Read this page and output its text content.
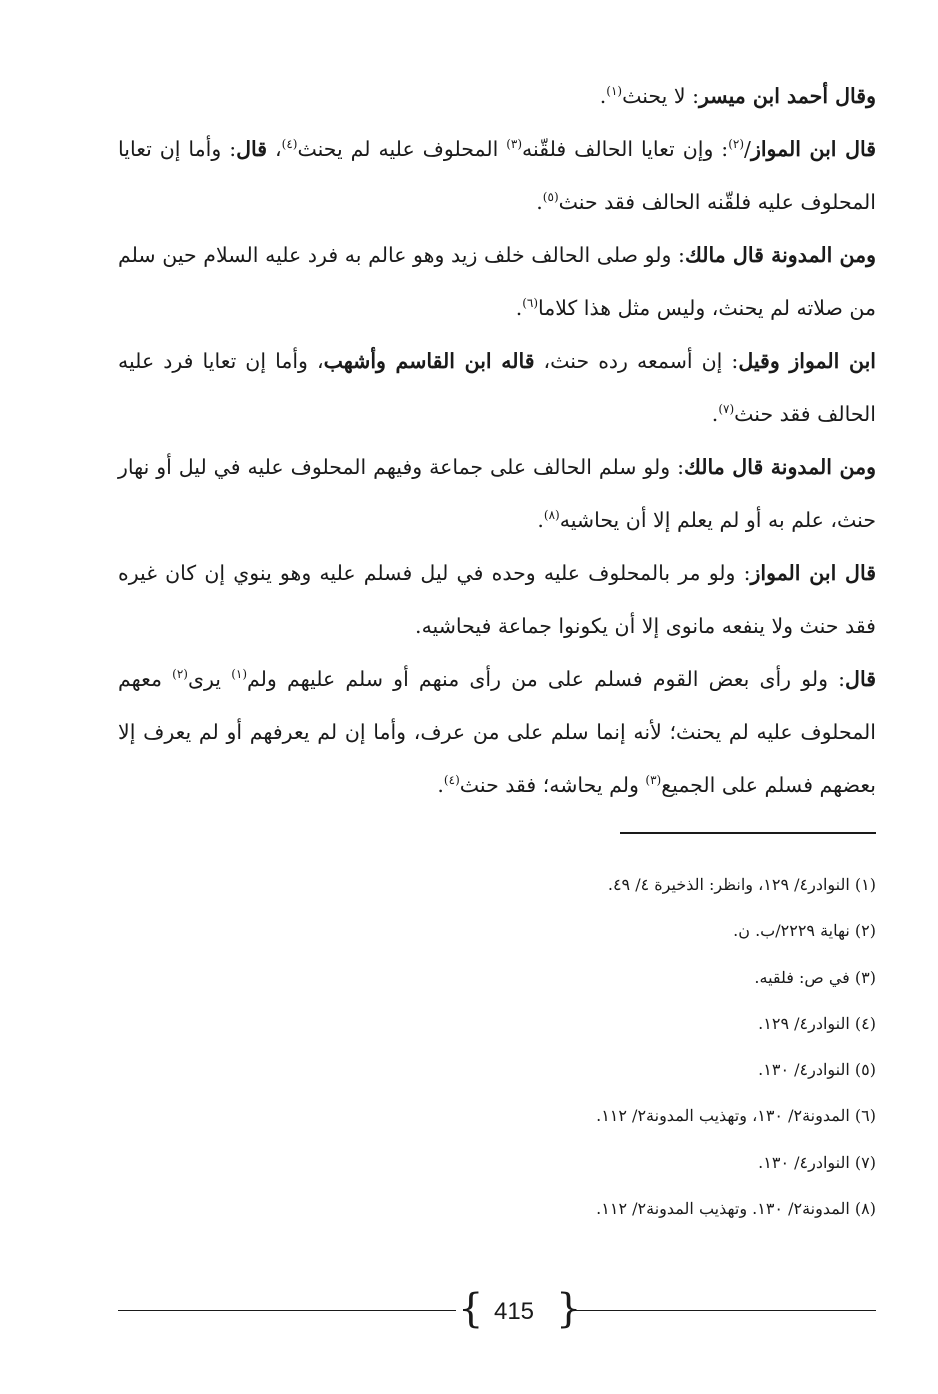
وقال أحمد ابن ميسر: لا يحنث$^{(١)}$.

قال ابن المواز/$^{(٢)}$: وإن تعايا الحالف فلقّنه$^{(٣)}$ المحلوف عليه لم يحنث$^{(٤)}$، قال: وأما إن تعايا المحلوف عليه فلقّنه الحالف فقد حنث$^{(٥)}$.

ومن المدونة قال مالك: ولو صلى الحالف خلف زيد وهو عالم به فرد عليه السلام حين سلم من صلاته لم يحنث، وليس مثل هذا كلاما$^{(٦)}$.

ابن المواز وقيل: إن أسمعه رده حنث، قاله ابن القاسم وأشهب، وأما إن تعايا فرد عليه الحالف فقد حنث$^{(٧)}$.

ومن المدونة قال مالك: ولو سلم الحالف على جماعة وفيهم المحلوف عليه في ليل أو نهار حنث، علم به أو لم يعلم إلا أن يحاشيه$^{(٨)}$.

قال ابن المواز: ولو مر بالمحلوف عليه وحده في ليل فسلم عليه وهو ينوي إن كان غيره فقد حنث ولا ينفعه مانوى إلا أن يكونوا جماعة فيحاشيه.

قال: ولو رأى بعض القوم فسلم على من رأى منهم أو سلم عليهم ولم$^{(١)}$ يرى$^{(٢)}$ معهم المحلوف عليه لم يحنث؛ لأنه إنما سلم على من عرف، وأما إن لم يعرفهم أو لم يعرف إلا بعضهم فسلم على الجميع$^{(٣)}$ ولم يحاشه؛ فقد حنث$^{(٤)}$.

(١) النوادر٤/ ١٢٩، وانظر: الذخيرة ٤/ ٤٩.
(٢) نهاية ٢٢٢٩/ب. ن.
(٣) في ص: فلقيه.
(٤) النوادر٤/ ١٢٩.
(٥) النوادر٤/ ١٣٠.
(٦) المدونة٢/ ١٣٠، وتهذيب المدونة٢/ ١١٢.
(٧) النوادر٤/ ١٣٠.
(٨) المدونة٢/ ١٣٠. وتهذيب المدونة٢/ ١١٢.
{ }
415
